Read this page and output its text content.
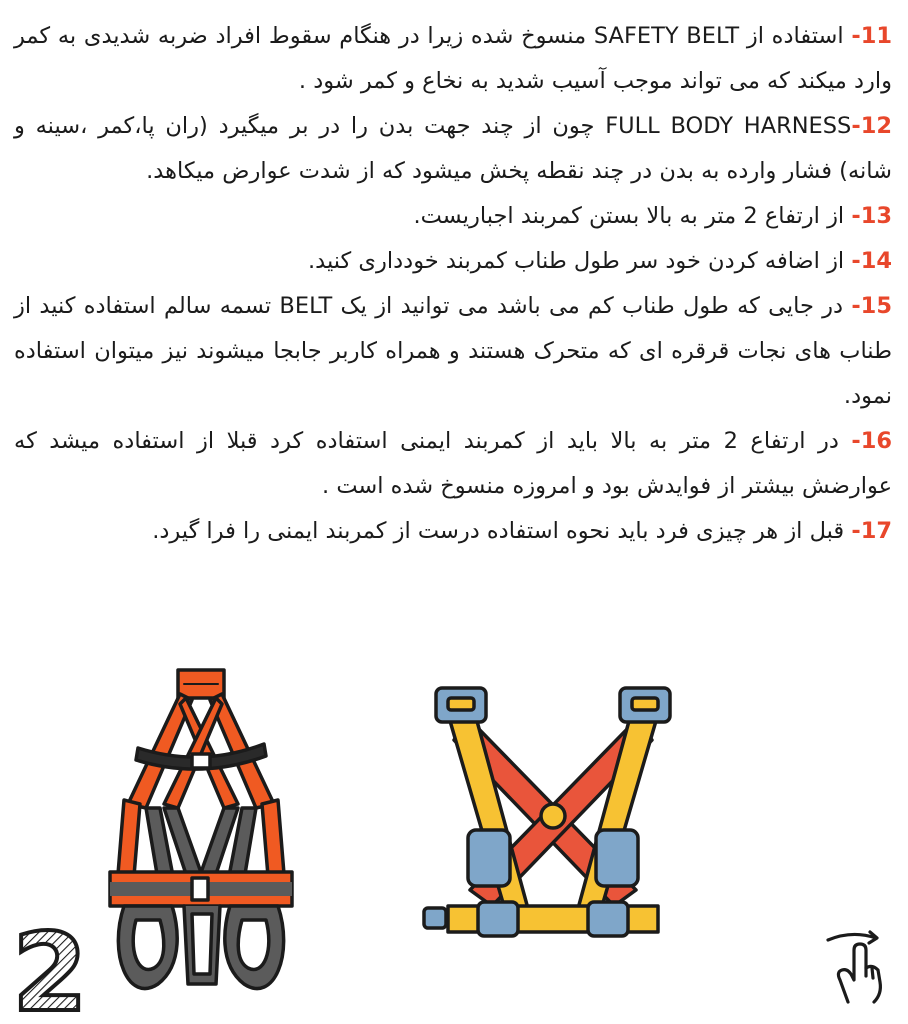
11- استفاده از SAFETY BELT منسوخ شده زیرا در هنگام سقوط افراد ضربه شدیدی به کمر وارد میکند که می تواند موجب آسیب شدید به نخاع و کمر شود .

12-FULL BODY HARNESS چون از چند جهت بدن را در بر میگیرد (ران پا،کمر ،سینه و شانه) فشار وارده به بدن در چند نقطه پخش میشود که از شدت عوارض میکاهد.

13- از ارتفاع 2 متر به بالا بستن کمربند اجباریست.

14- از اضافه کردن خود سر طول طناب کمربند خودداری کنید.

15- در جایی که طول طناب کم می باشد می توانید از یک BELT تسمه سالم استفاده کنید از طناب های نجات قرقره ای که متحرک هستند و همراه کاربر جابجا میشوند نیز میتوان استفاده نمود.

16- در ارتفاع 2 متر به بالا باید از کمربند ایمنی استفاده کرد قبلا از استفاده میشد که عوارضش بیشتر از فوایدش بود و امروزه منسوخ شده است .

17- قبل از هر چیزی فرد باید نحوه استفاده درست از کمربند ایمنی را فرا گیرد.

2
